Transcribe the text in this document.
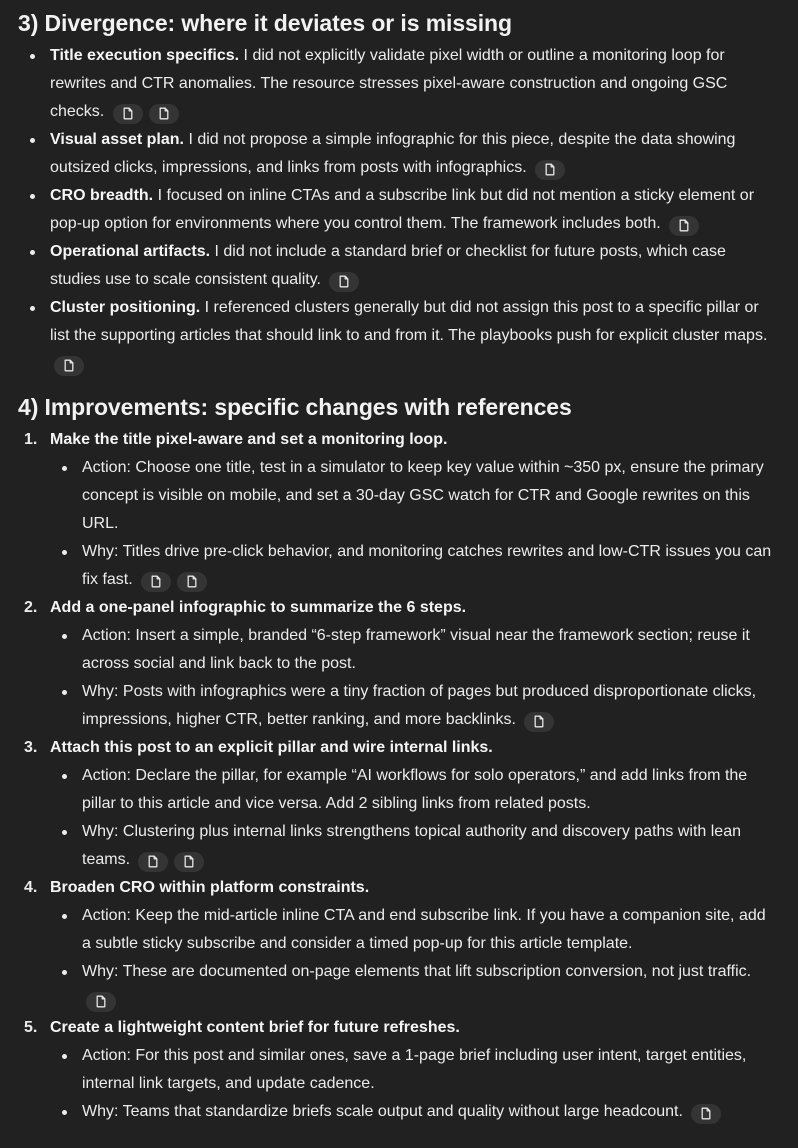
3) Divergence: where it deviates or is missing
Title execution specifics. I did not explicitly validate pixel width or outline a monitoring loop for rewrites and CTR anomalies. The resource stresses pixel-aware construction and ongoing GSC checks.
Visual asset plan. I did not propose a simple infographic for this piece, despite the data showing outsized clicks, impressions, and links from posts with infographics.
CRO breadth. I focused on inline CTAs and a subscribe link but did not mention a sticky element or pop-up option for environments where you control them. The framework includes both.
Operational artifacts. I did not include a standard brief or checklist for future posts, which case studies use to scale consistent quality.
Cluster positioning. I referenced clusters generally but did not assign this post to a specific pillar or list the supporting articles that should link to and from it. The playbooks push for explicit cluster maps.
4) Improvements: specific changes with references
1. Make the title pixel-aware and set a monitoring loop.
Action: Choose one title, test in a simulator to keep key value within ~350 px, ensure the primary concept is visible on mobile, and set a 30-day GSC watch for CTR and Google rewrites on this URL.
Why: Titles drive pre-click behavior, and monitoring catches rewrites and low-CTR issues you can fix fast.
2. Add a one-panel infographic to summarize the 6 steps.
Action: Insert a simple, branded “6-step framework” visual near the framework section; reuse it across social and link back to the post.
Why: Posts with infographics were a tiny fraction of pages but produced disproportionate clicks, impressions, higher CTR, better ranking, and more backlinks.
3. Attach this post to an explicit pillar and wire internal links.
Action: Declare the pillar, for example “AI workflows for solo operators,” and add links from the pillar to this article and vice versa. Add 2 sibling links from related posts.
Why: Clustering plus internal links strengthens topical authority and discovery paths with lean teams.
4. Broaden CRO within platform constraints.
Action: Keep the mid-article inline CTA and end subscribe link. If you have a companion site, add a subtle sticky subscribe and consider a timed pop-up for this article template.
Why: These are documented on-page elements that lift subscription conversion, not just traffic.
5. Create a lightweight content brief for future refreshes.
Action: For this post and similar ones, save a 1-page brief including user intent, target entities, internal link targets, and update cadence.
Why: Teams that standardize briefs scale output and quality without large headcount.
